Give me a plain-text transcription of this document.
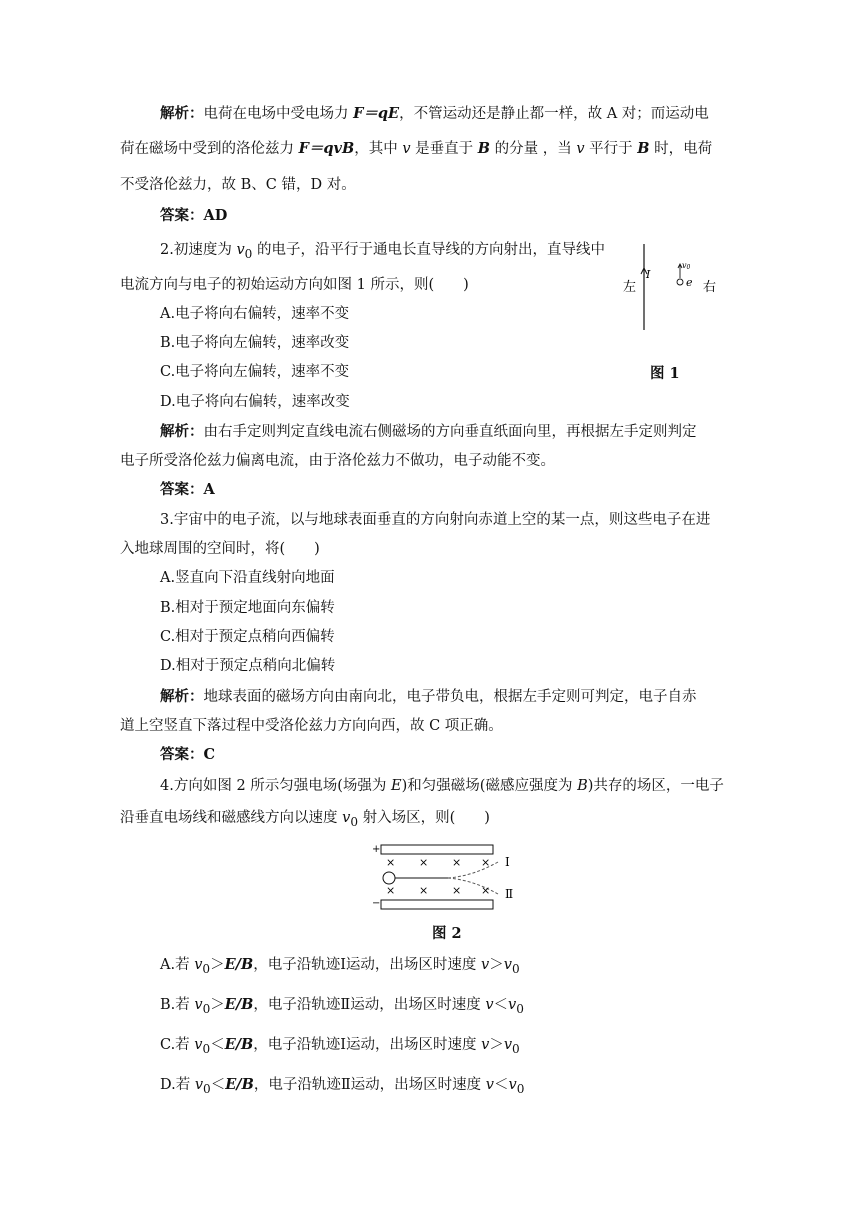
解析：电荷在电场中受电场力 F＝qE，不管运动还是静止都一样，故 A 对；而运动电
荷在磁场中受到的洛伦兹力 F＝qvB，其中 v 是垂直于 B 的分量 ，当 v 平行于 B 时，电荷
不受洛伦兹力，故 B、C 错，D 对。
答案：AD
2.初速度为 $v_0$ 的电子，沿平行于通电长直导线的方向射出，直导线中
电流方向与电子的初始运动方向如图 1 所示，则(　　)
A.电子将向右偏转，速率不变
B.电子将向左偏转，速率改变
C.电子将向左偏转，速率不变
D.电子将向右偏转，速率改变
I
左	右
v0
e
图 1
解析：由右手定则判定直线电流右侧磁场的方向垂直纸面向里，再根据左手定则判定
电子所受洛伦兹力偏离电流，由于洛伦兹力不做功，电子动能不变。
答案：A
3.宇宙中的电子流，以与地球表面垂直的方向射向赤道上空的某一点，则这些电子在进
入地球周围的空间时，将(　　)
A.竖直向下沿直线射向地面
B.相对于预定地面向东偏转
C.相对于预定点稍向西偏转
D.相对于预定点稍向北偏转
解析：地球表面的磁场方向由南向北，电子带负电，根据左手定则可判定，电子自赤
道上空竖直下落过程中受洛伦兹力方向向西，故 C 项正确。
答案：C
4.方向如图 2 所示匀强电场(场强为 E)和匀强磁场(磁感应强度为 B)共存的场区，一电子
沿垂直电场线和磁感线方向以速度 $v_0$ 射入场区，则(　　)
+
× × × × Ⅰ
Ⅱ
× × × ×
−
图 2
A.若 $v_0>E/B$，电子沿轨迹Ⅰ运动，出场区时速度 $v>v_0$
B.若 $v_0>E/B$，电子沿轨迹Ⅱ运动，出场区时速度 $v<v_0$
C.若 $v_0<E/B$，电子沿轨迹Ⅰ运动，出场区时速度 $v>v_0$
D.若 $v_0<E/B$，电子沿轨迹Ⅱ运动，出场区时速度 $v<v_0$
